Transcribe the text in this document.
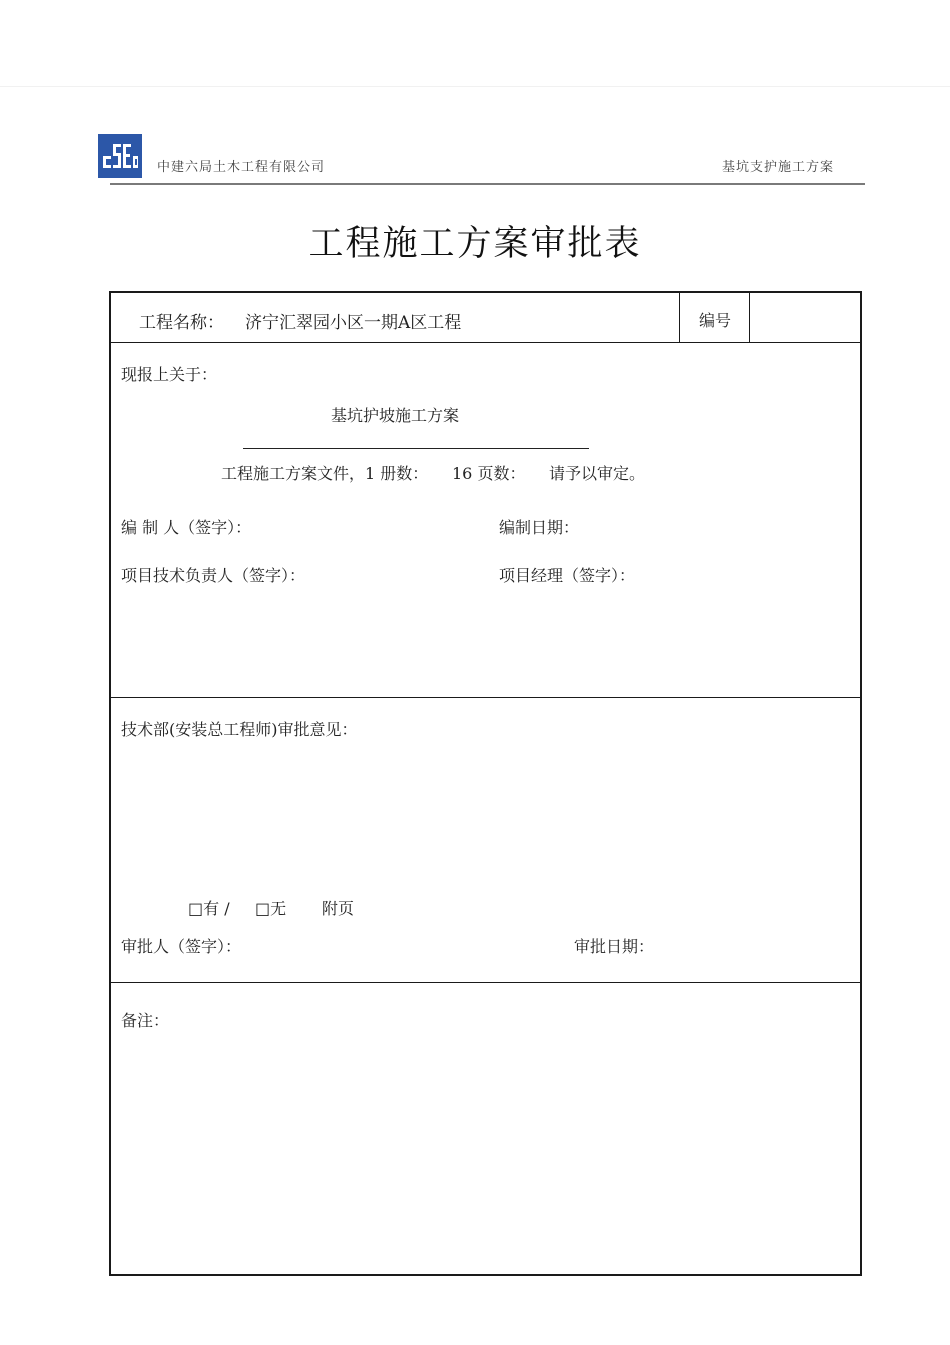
中建六局土木工程有限公司	基坑支护施工方案
工程施工方案审批表
工程名称： 济宁汇翠园小区一期A区工程	编号
现报上关于：
基坑护坡施工方案
工程施工方案文件，1 册数： 16 页数： 请予以审定。
编 制 人（签字）：	编制日期：
项目技术负责人（签字）：	项目经理（签字）：
技术部(安装总工程师)审批意见：
□有 / □无 附页
审批人（签字）：	审批日期：
备注：
